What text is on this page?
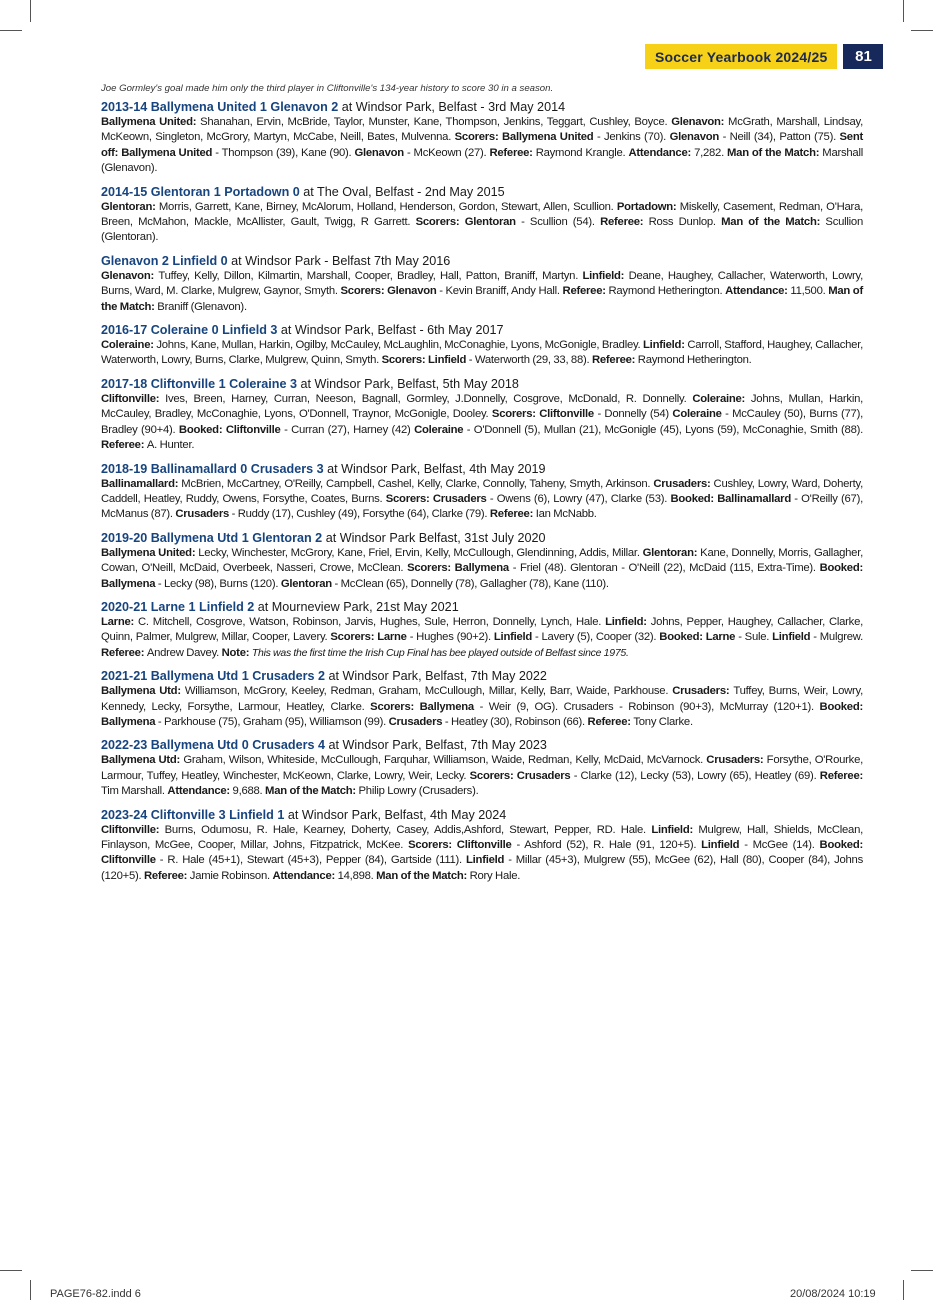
Soccer Yearbook 2024/25	81

Joe Gormley's goal made him only the third player in Cliftonville's 134-year history to score 30 in a season.

2013-14 Ballymena United 1 Glenavon 2 at Windsor Park, Belfast - 3rd May 2014

Ballymena United: Shanahan, Ervin, McBride, Taylor, Munster, Kane, Thompson, Jenkins, Teggart, Cushley, Boyce. Glenavon: McGrath, Marshall, Lindsay, McKeown, Singleton, McGrory, Martyn, McCabe, Neill, Bates, Mulvenna. Scorers: Ballymena United - Jenkins (70). Glenavon - Neill (34), Patton (75). Sent off: Ballymena United - Thompson (39), Kane (90). Glenavon - McKeown (27). Referee: Raymond Krangle. Attendance: 7,282. Man of the Match: Marshall (Glenavon).

2014-15 Glentoran 1 Portadown 0 at The Oval, Belfast - 2nd May 2015

Glentoran: Morris, Garrett, Kane, Birney, McAlorum, Holland, Henderson, Gordon, Stewart, Allen, Scullion. Portadown: Miskelly, Casement, Redman, O'Hara, Breen, McMahon, Mackle, McAllister, Gault, Twigg, R Garrett. Scorers: Glentoran - Scullion (54). Referee: Ross Dunlop. Man of the Match: Scullion (Glentoran).

Glenavon 2 Linfield 0 at Windsor Park - Belfast 7th May 2016

Glenavon: Tuffey, Kelly, Dillon, Kilmartin, Marshall, Cooper, Bradley, Hall, Patton, Braniff, Martyn. Linfield: Deane, Haughey, Callacher, Waterworth, Lowry, Burns, Ward, M. Clarke, Mulgrew, Gaynor, Smyth. Scorers: Glenavon - Kevin Braniff, Andy Hall. Referee: Raymond Hetherington. Attendance: 11,500. Man of the Match: Braniff (Glenavon).

2016-17 Coleraine 0 Linfield 3 at Windsor Park, Belfast - 6th May 2017

Coleraine: Johns, Kane, Mullan, Harkin, Ogilby, McCauley, McLaughlin, McConaghie, Lyons, McGonigle, Bradley. Linfield: Carroll, Stafford, Haughey, Callacher, Waterworth, Lowry, Burns, Clarke, Mulgrew, Quinn, Smyth. Scorers: Linfield - Waterworth (29, 33, 88). Referee: Raymond Hetherington.

2017-18 Cliftonville 1 Coleraine 3 at Windsor Park, Belfast, 5th May 2018

Cliftonville: Ives, Breen, Harney, Curran, Neeson, Bagnall, Gormley, J.Donnelly, Cosgrove, McDonald, R. Donnelly. Coleraine: Johns, Mullan, Harkin, McCauley, Bradley, McConaghie, Lyons, O'Donnell, Traynor, McGonigle, Dooley. Scorers: Cliftonville - Donnelly (54) Coleraine - McCauley (50), Burns (77), Bradley (90+4). Booked: Cliftonville - Curran (27), Harney (42) Coleraine - O'Donnell (5), Mullan (21), McGonigle (45), Lyons (59), McConaghie, Smith (88). Referee: A. Hunter.

2018-19 Ballinamallard 0 Crusaders 3 at Windsor Park, Belfast, 4th May 2019

Ballinamallard: McBrien, McCartney, O'Reilly, Campbell, Cashel, Kelly, Clarke, Connolly, Taheny, Smyth, Arkinson. Crusaders: Cushley, Lowry, Ward, Doherty, Caddell, Heatley, Ruddy, Owens, Forsythe, Coates, Burns. Scorers: Crusaders - Owens (6), Lowry (47), Clarke (53). Booked: Ballinamallard - O'Reilly (67), McManus (87). Crusaders - Ruddy (17), Cushley (49), Forsythe (64), Clarke (79). Referee: Ian McNabb.

2019-20 Ballymena Utd 1 Glentoran 2 at Windsor Park Belfast, 31st July 2020

Ballymena United: Lecky, Winchester, McGrory, Kane, Friel, Ervin, Kelly, McCullough, Glendinning, Addis, Millar. Glentoran: Kane, Donnelly, Morris, Gallagher, Cowan, O'Neill, McDaid, Overbeek, Nasseri, Crowe, McClean. Scorers: Ballymena - Friel (48). Glentoran - O'Neill (22), McDaid (115, Extra-Time). Booked: Ballymena - Lecky (98), Burns (120). Glentoran - McClean (65), Donnelly (78), Gallagher (78), Kane (110).

2020-21 Larne 1 Linfield 2 at Mourneview Park, 21st May 2021

Larne: C. Mitchell, Cosgrove, Watson, Robinson, Jarvis, Hughes, Sule, Herron, Donnelly, Lynch, Hale. Linfield: Johns, Pepper, Haughey, Callacher, Clarke, Quinn, Palmer, Mulgrew, Millar, Cooper, Lavery. Scorers: Larne - Hughes (90+2). Linfield - Lavery (5), Cooper (32). Booked: Larne - Sule. Linfield - Mulgrew. Referee: Andrew Davey. Note: This was the first time the Irish Cup Final has bee played outside of Belfast since 1975.

2021-21 Ballymena Utd 1 Crusaders 2 at Windsor Park, Belfast, 7th May 2022

Ballymena Utd: Williamson, McGrory, Keeley, Redman, Graham, McCullough, Millar, Kelly, Barr, Waide, Parkhouse. Crusaders: Tuffey, Burns, Weir, Lowry, Kennedy, Lecky, Forsythe, Larmour, Heatley, Clarke. Scorers: Ballymena - Weir (9, OG). Crusaders - Robinson (90+3), McMurray (120+1). Booked: Ballymena - Parkhouse (75), Graham (95), Williamson (99). Crusaders - Heatley (30), Robinson (66). Referee: Tony Clarke.

2022-23 Ballymena Utd 0 Crusaders 4 at Windsor Park, Belfast, 7th May 2023

Ballymena Utd: Graham, Wilson, Whiteside, McCullough, Farquhar, Williamson, Waide, Redman, Kelly, McDaid, McVarnock. Crusaders: Forsythe, O'Rourke, Larmour, Tuffey, Heatley, Winchester, McKeown, Clarke, Lowry, Weir, Lecky. Scorers: Crusaders - Clarke (12), Lecky (53), Lowry (65), Heatley (69). Referee: Tim Marshall. Attendance: 9,688. Man of the Match: Philip Lowry (Crusaders).

2023-24 Cliftonville 3 Linfield 1 at Windsor Park, Belfast, 4th May 2024

Cliftonville: Burns, Odumosu, R. Hale, Kearney, Doherty, Casey, Addis,Ashford, Stewart, Pepper, RD. Hale. Linfield: Mulgrew, Hall, Shields, McClean, Finlayson, McGee, Cooper, Millar, Johns, Fitzpatrick, McKee. Scorers: Cliftonville - Ashford (52), R. Hale (91, 120+5). Linfield - McGee (14). Booked: Cliftonville - R. Hale (45+1), Stewart (45+3), Pepper (84), Gartside (111). Linfield - Millar (45+3), Mulgrew (55), McGee (62), Hall (80), Cooper (84), Johns (120+5). Referee: Jamie Robinson. Attendance: 14,898. Man of the Match: Rory Hale.

PAGE76-82.indd 6	20/08/2024 10:19
